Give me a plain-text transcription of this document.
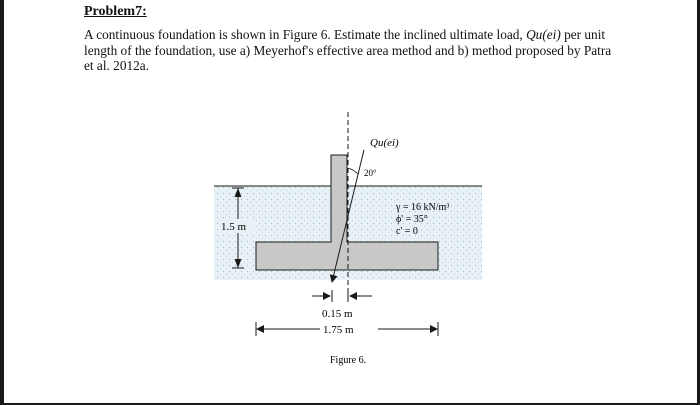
Problem7:
A continuous foundation is shown in Figure 6. Estimate the inclined ultimate load, Qu(ei) per unit length of the foundation, use a) Meyerhof's effective area method and b) method proposed by Patra et al. 2012a.
Qu(ei)
20°
1.5 m
γ = 16 kN/m³
ϕ' = 35°
c' = 0
0.15 m
1.75 m
Figure 6.
